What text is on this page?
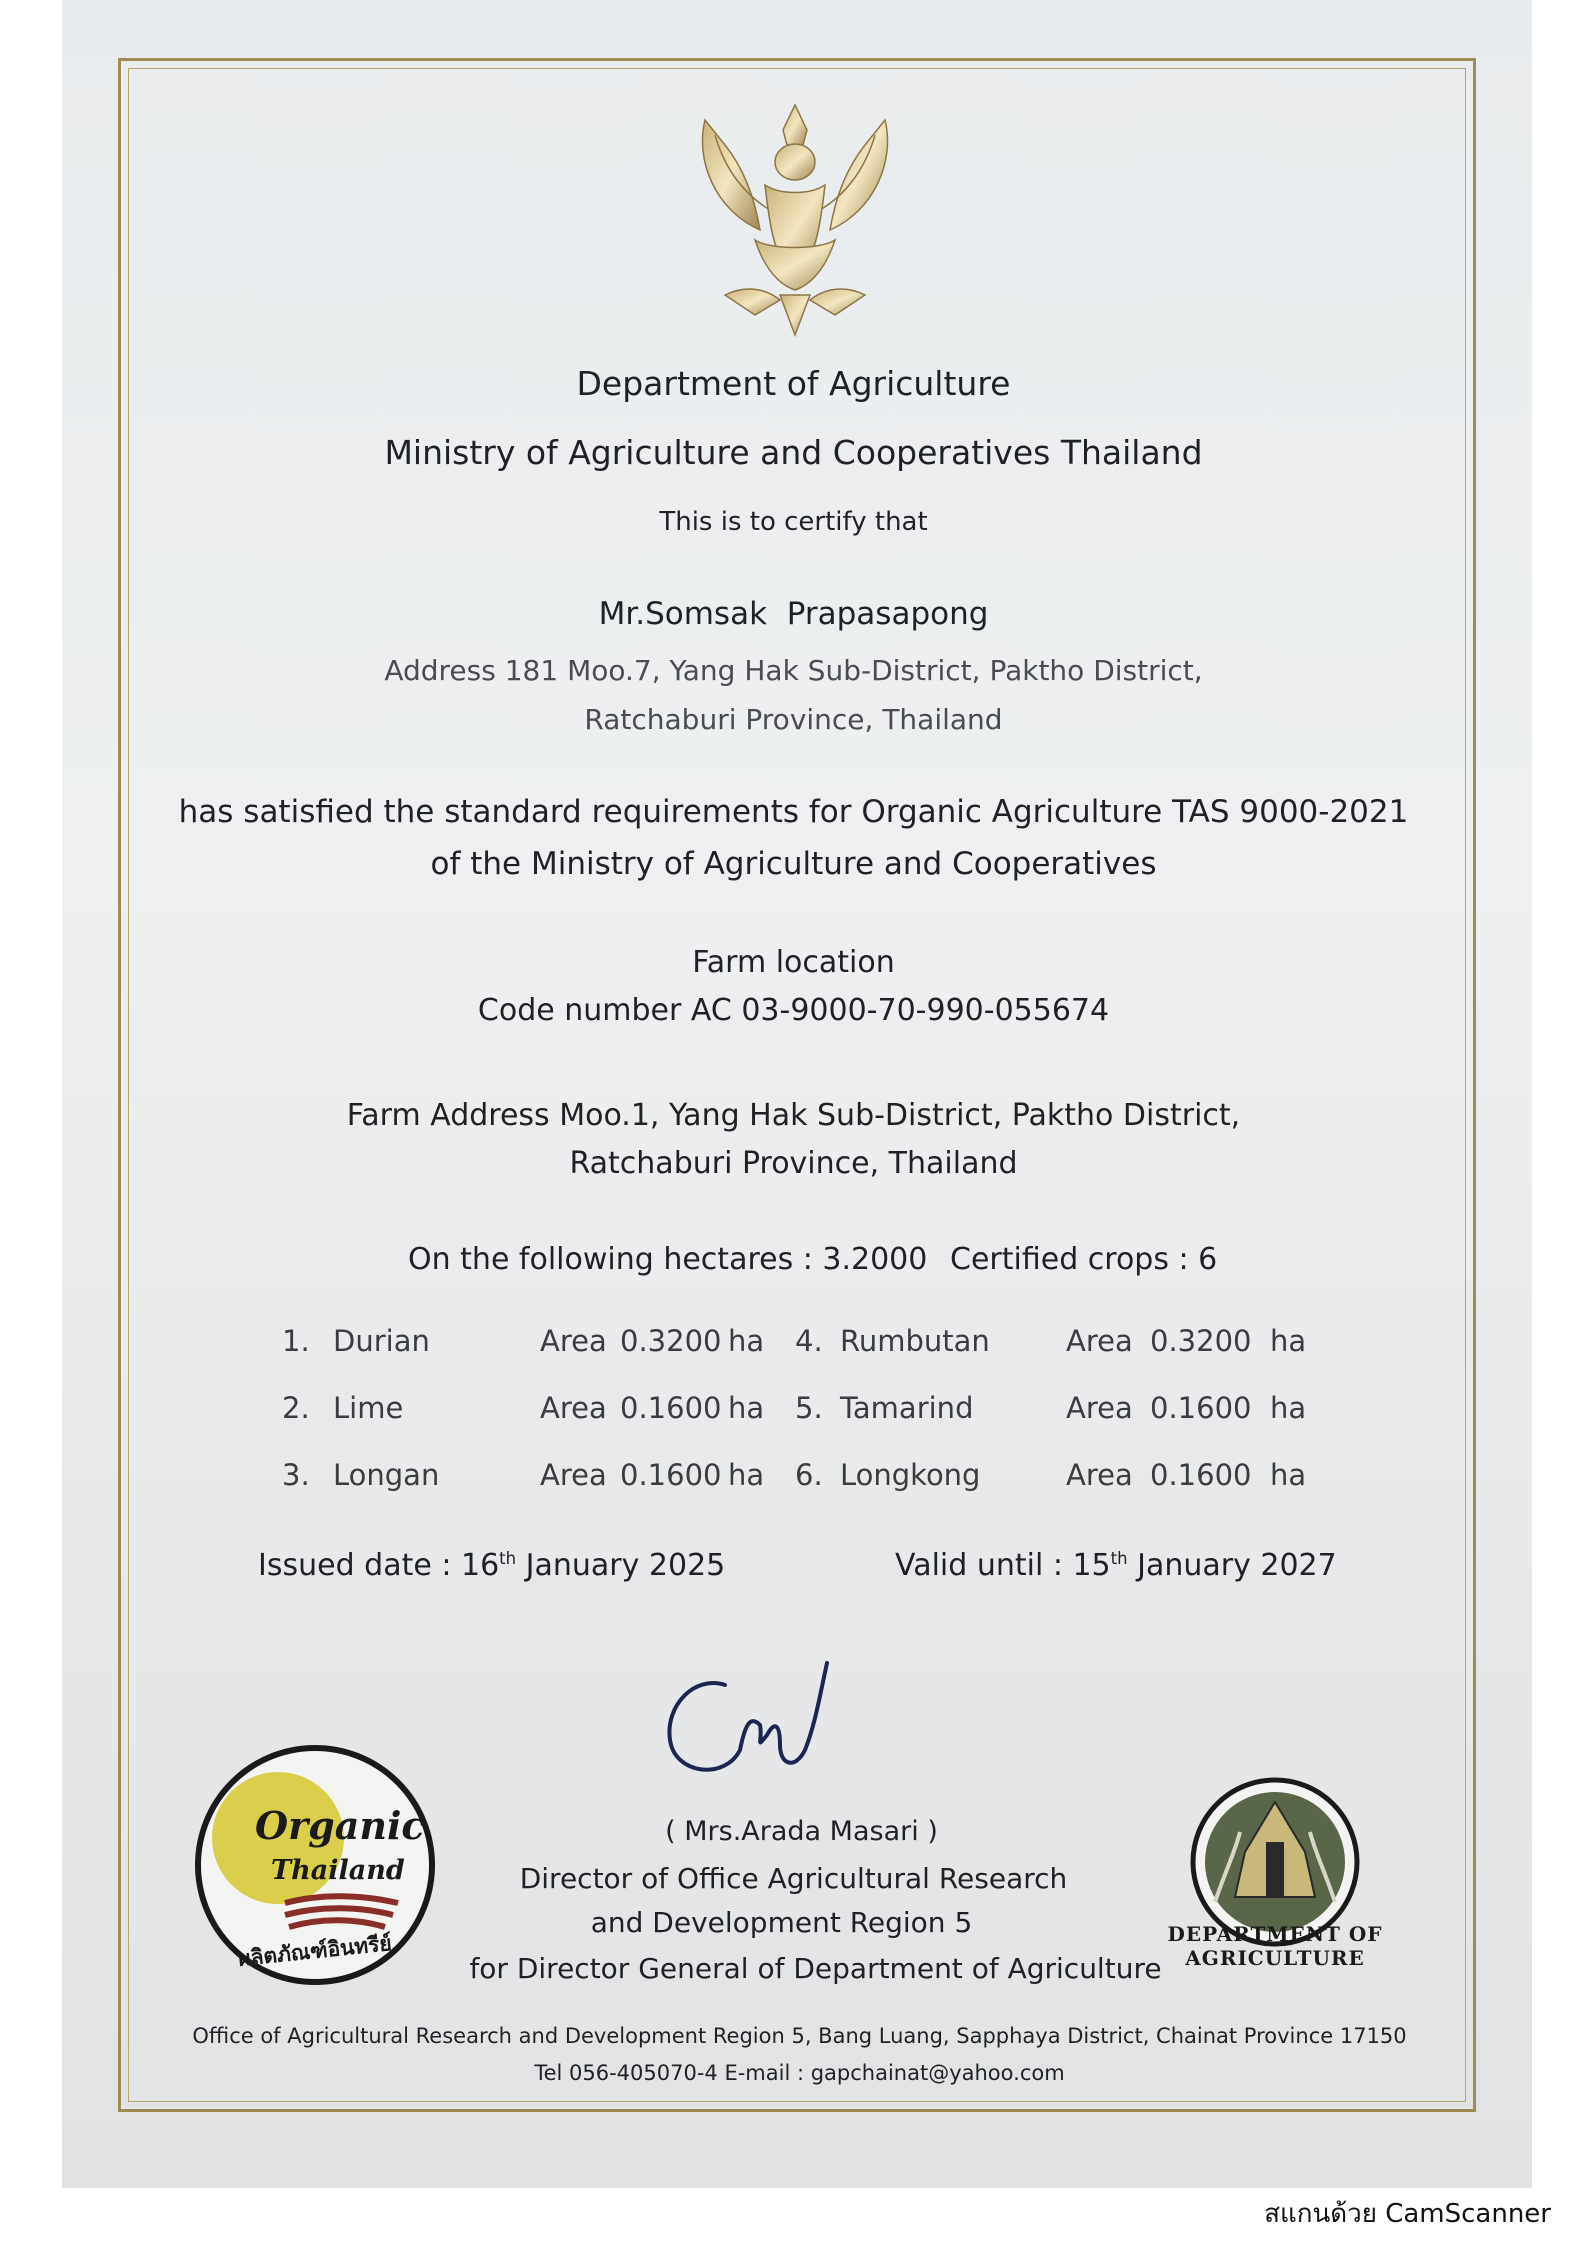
Department of Agriculture
Ministry of Agriculture and Cooperatives Thailand
This is to certify that
Mr.Somsak  Prapasapong
Address 181 Moo.7, Yang Hak Sub-District, Paktho District,
Ratchaburi Province, Thailand
has satisfied the standard requirements for Organic Agriculture TAS 9000-2021
of the Ministry of Agriculture and Cooperatives
Farm location
Code number AC 03-9000-70-990-055674
Farm Address Moo.1, Yang Hak Sub-District, Paktho District,
Ratchaburi Province, Thailand
On the following hectares : 3.2000 Certified crops : 6
1. Durian	Area 0.3200 ha 4. Rumbutan	Area 0.3200 ha
2. Lime	Area 0.1600 ha 5. Tamarind	Area 0.1600 ha
3. Longan	Area 0.1600 ha 6. Longkong	Area 0.1600 ha
Issued date : 16th January 2025	Valid until : 15th January 2027
( Mrs.Arada Masari )
Director of Office Agricultural Research
and Development Region 5
for Director General of Department of Agriculture
Organic
Thailand
ผลิตภัณฑ์อินทรีย์	DEPARTMENT OF AGRICULTURE
Office of Agricultural Research and Development Region 5, Bang Luang, Sapphaya District, Chainat Province 17150
Tel 056-405070-4 E-mail : gapchainat@yahoo.com
สแกนด้วย CamScanner
